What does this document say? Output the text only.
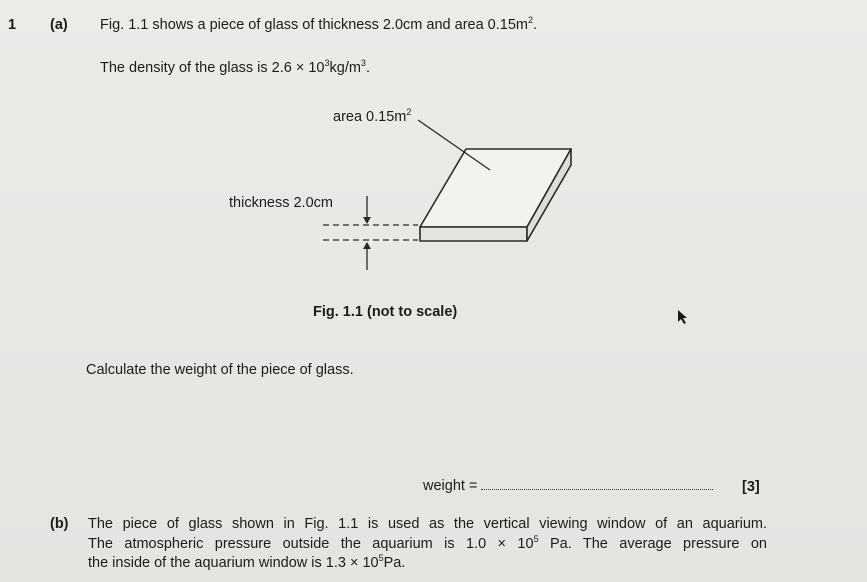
1 (a) Fig. 1.1 shows a piece of glass of thickness 2.0cm and area $0.15m^2$.
The density of the glass is $2.6 \times 10^3kg/m^3$.
area $0.15m^2$
thickness 2.0cm
Fig. 1.1 (not to scale)
Calculate the weight of the piece of glass.
weight =	[3]
(b) The piece of glass shown in Fig. 1.1 is used as the vertical viewing window of an aquarium.
The atmospheric pressure outside the aquarium is $1.0 \times 10^5$ Pa. The average pressure on
the inside of the aquarium window is $1.3 \times 10^5Pa$.
